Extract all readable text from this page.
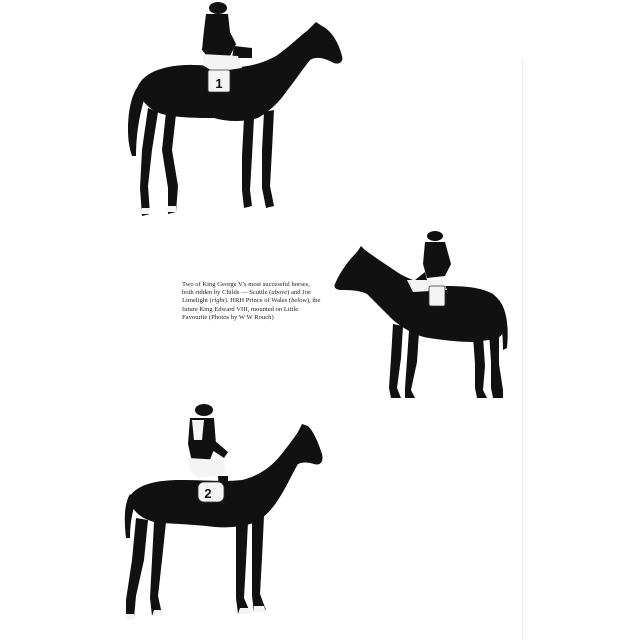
1
Two of King George V's most successful horses, both ridden by Childs — Scuttle (above) and Joe Limelight (right). HRH Prince of Wales (below), the future King Edward VIII, mounted on Little Favourite (Photos by W W Rouch)
2
